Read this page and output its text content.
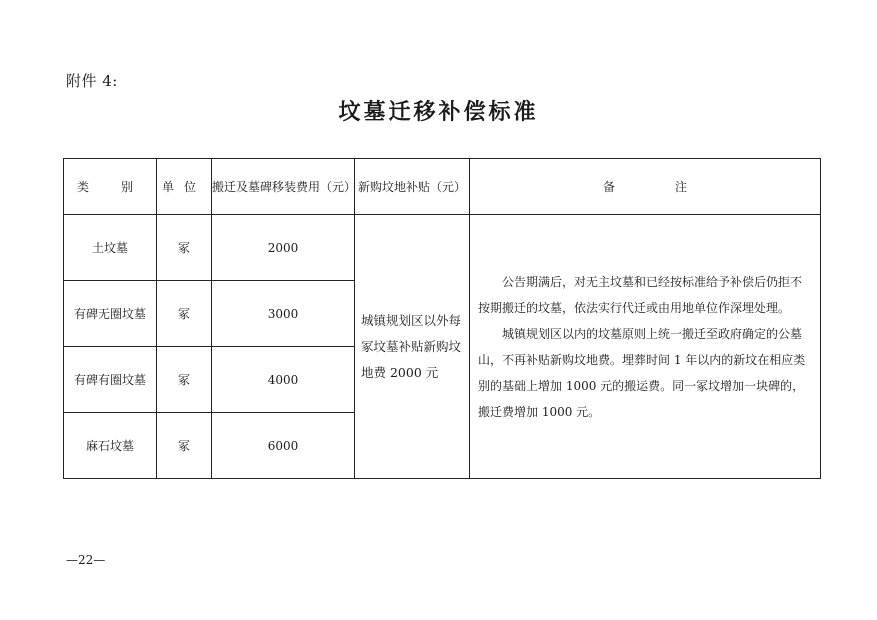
附件 4:
坟墓迁移补偿标准
类　别	单位	搬迁及墓碑移装费用（元）	新购坟地补贴（元）	备注
土坟墓	冢	2000	城镇规划区以外每冢坟墓补贴新购坟地费 2000 元	公告期满后，对无主坟墓和已经按标准给予补偿后仍拒不按期搬迁的坟墓，依法实行代迁或由用地单位作深埋处理。

城镇规划区以内的坟墓原则上统一搬迁至政府确定的公墓山，不再补贴新购坟地费。埋葬时间 1 年以内的新坟在相应类别的基础上增加 1000 元的搬运费。同一冢坟增加一块碑的，搬迁费增加 1000 元。

有碑无圈坟墓	冢	3000		
有碑有圈坟墓	冢	4000		
麻石坟墓	冢	6000		
—22—
